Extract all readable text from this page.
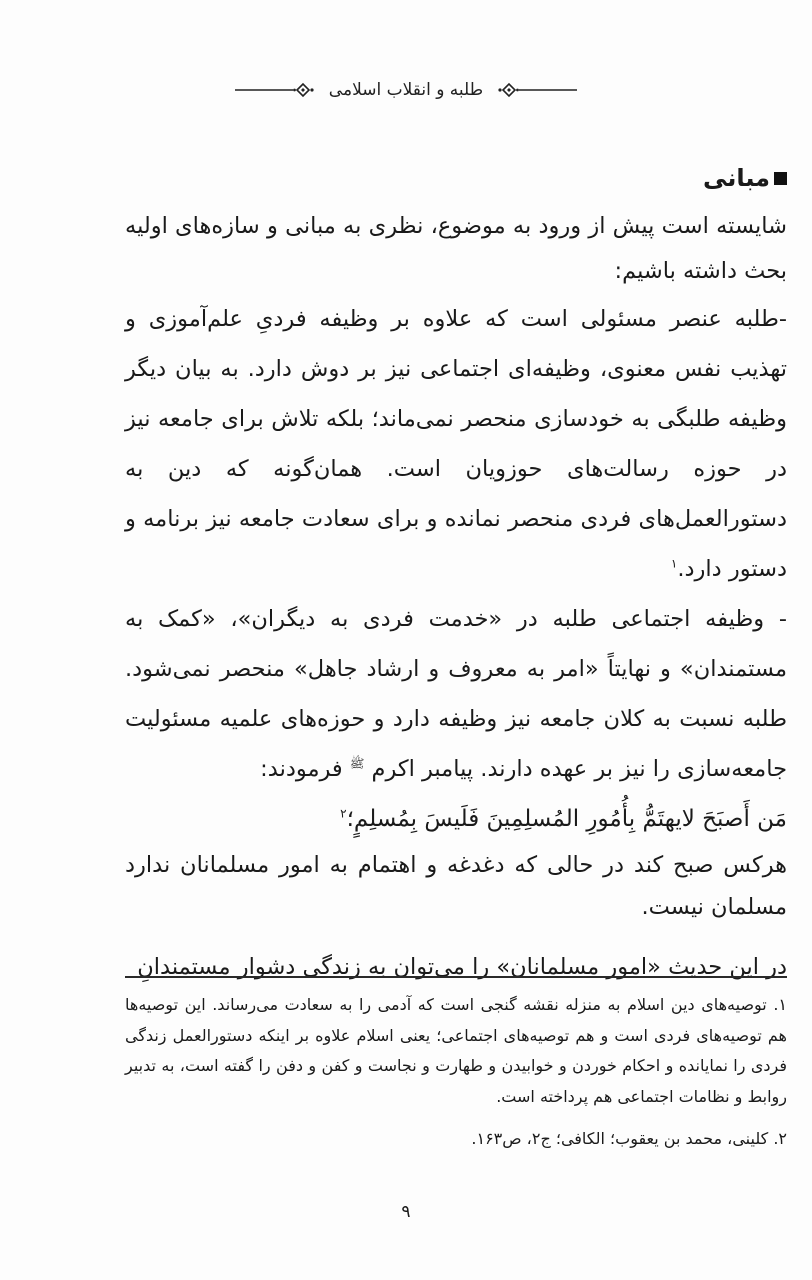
طلبه و انقلاب اسلامی
مبانی

شایسته است پیش از ورود به موضوع، نظری به مبانی و سازه‌های اولیه بحث داشته باشیم:

-طلبه عنصر مسئولی است که علاوه بر وظیفه فردیِ علم‌آموزی و تهذیب نفس معنوی، وظیفه‌ای اجتماعی نیز بر دوش دارد. به بیان دیگر وظیفه طلبگی به خودسازی منحصر نمی‌ماند؛ بلکه تلاش برای جامعه نیز در حوزه رسالت‌های حوزویان است. همان‌گونه که دین به دستورالعمل‌های فردی منحصر نمانده و برای سعادت جامعه نیز برنامه و دستور دارد.$^۱$

- وظیفه اجتماعی طلبه در «خدمت فردی به دیگران»، «کمک به مستمندان» و نهایتاً «امر به معروف و ارشاد جاهل» منحصر نمی‌شود. طلبه نسبت به کلان جامعه نیز وظیفه دارد و حوزه‌های علمیه مسئولیت جامعه‌سازی را نیز بر عهده دارند. پیامبر اکرم $^ﷺ$ فرمودند:

مَن أَصبَحَ لایهتَمُّ بِأُمُورِ المُسلِمِینَ فَلَیسَ بِمُسلِمٍ؛$^۲$

هرکس صبح کند در حالی که دغدغه و اهتمام به امور مسلمانان ندارد مسلمان نیست.

در این حدیث «امور مسلمانان» را می‌توان به زندگی دشوار مستمندانِ

۱. توصیه‌های دین اسلام به منزله نقشه گنجی است که آدمی را به سعادت می‌رساند. این توصیه‌ها هم توصیه‌های فردی است و هم توصیه‌های اجتماعی؛ یعنی اسلام علاوه بر اینکه دستورالعمل زندگی فردی را نمایانده و احکام خوردن و خوابیدن و طهارت و نجاست و کفن و دفن را گفته است، به تدبیر روابط و نظامات اجتماعی هم پرداخته است.

۲. کلینی، محمد بن یعقوب؛ الکافی؛ ج۲، ص۱۶۳.

۹
